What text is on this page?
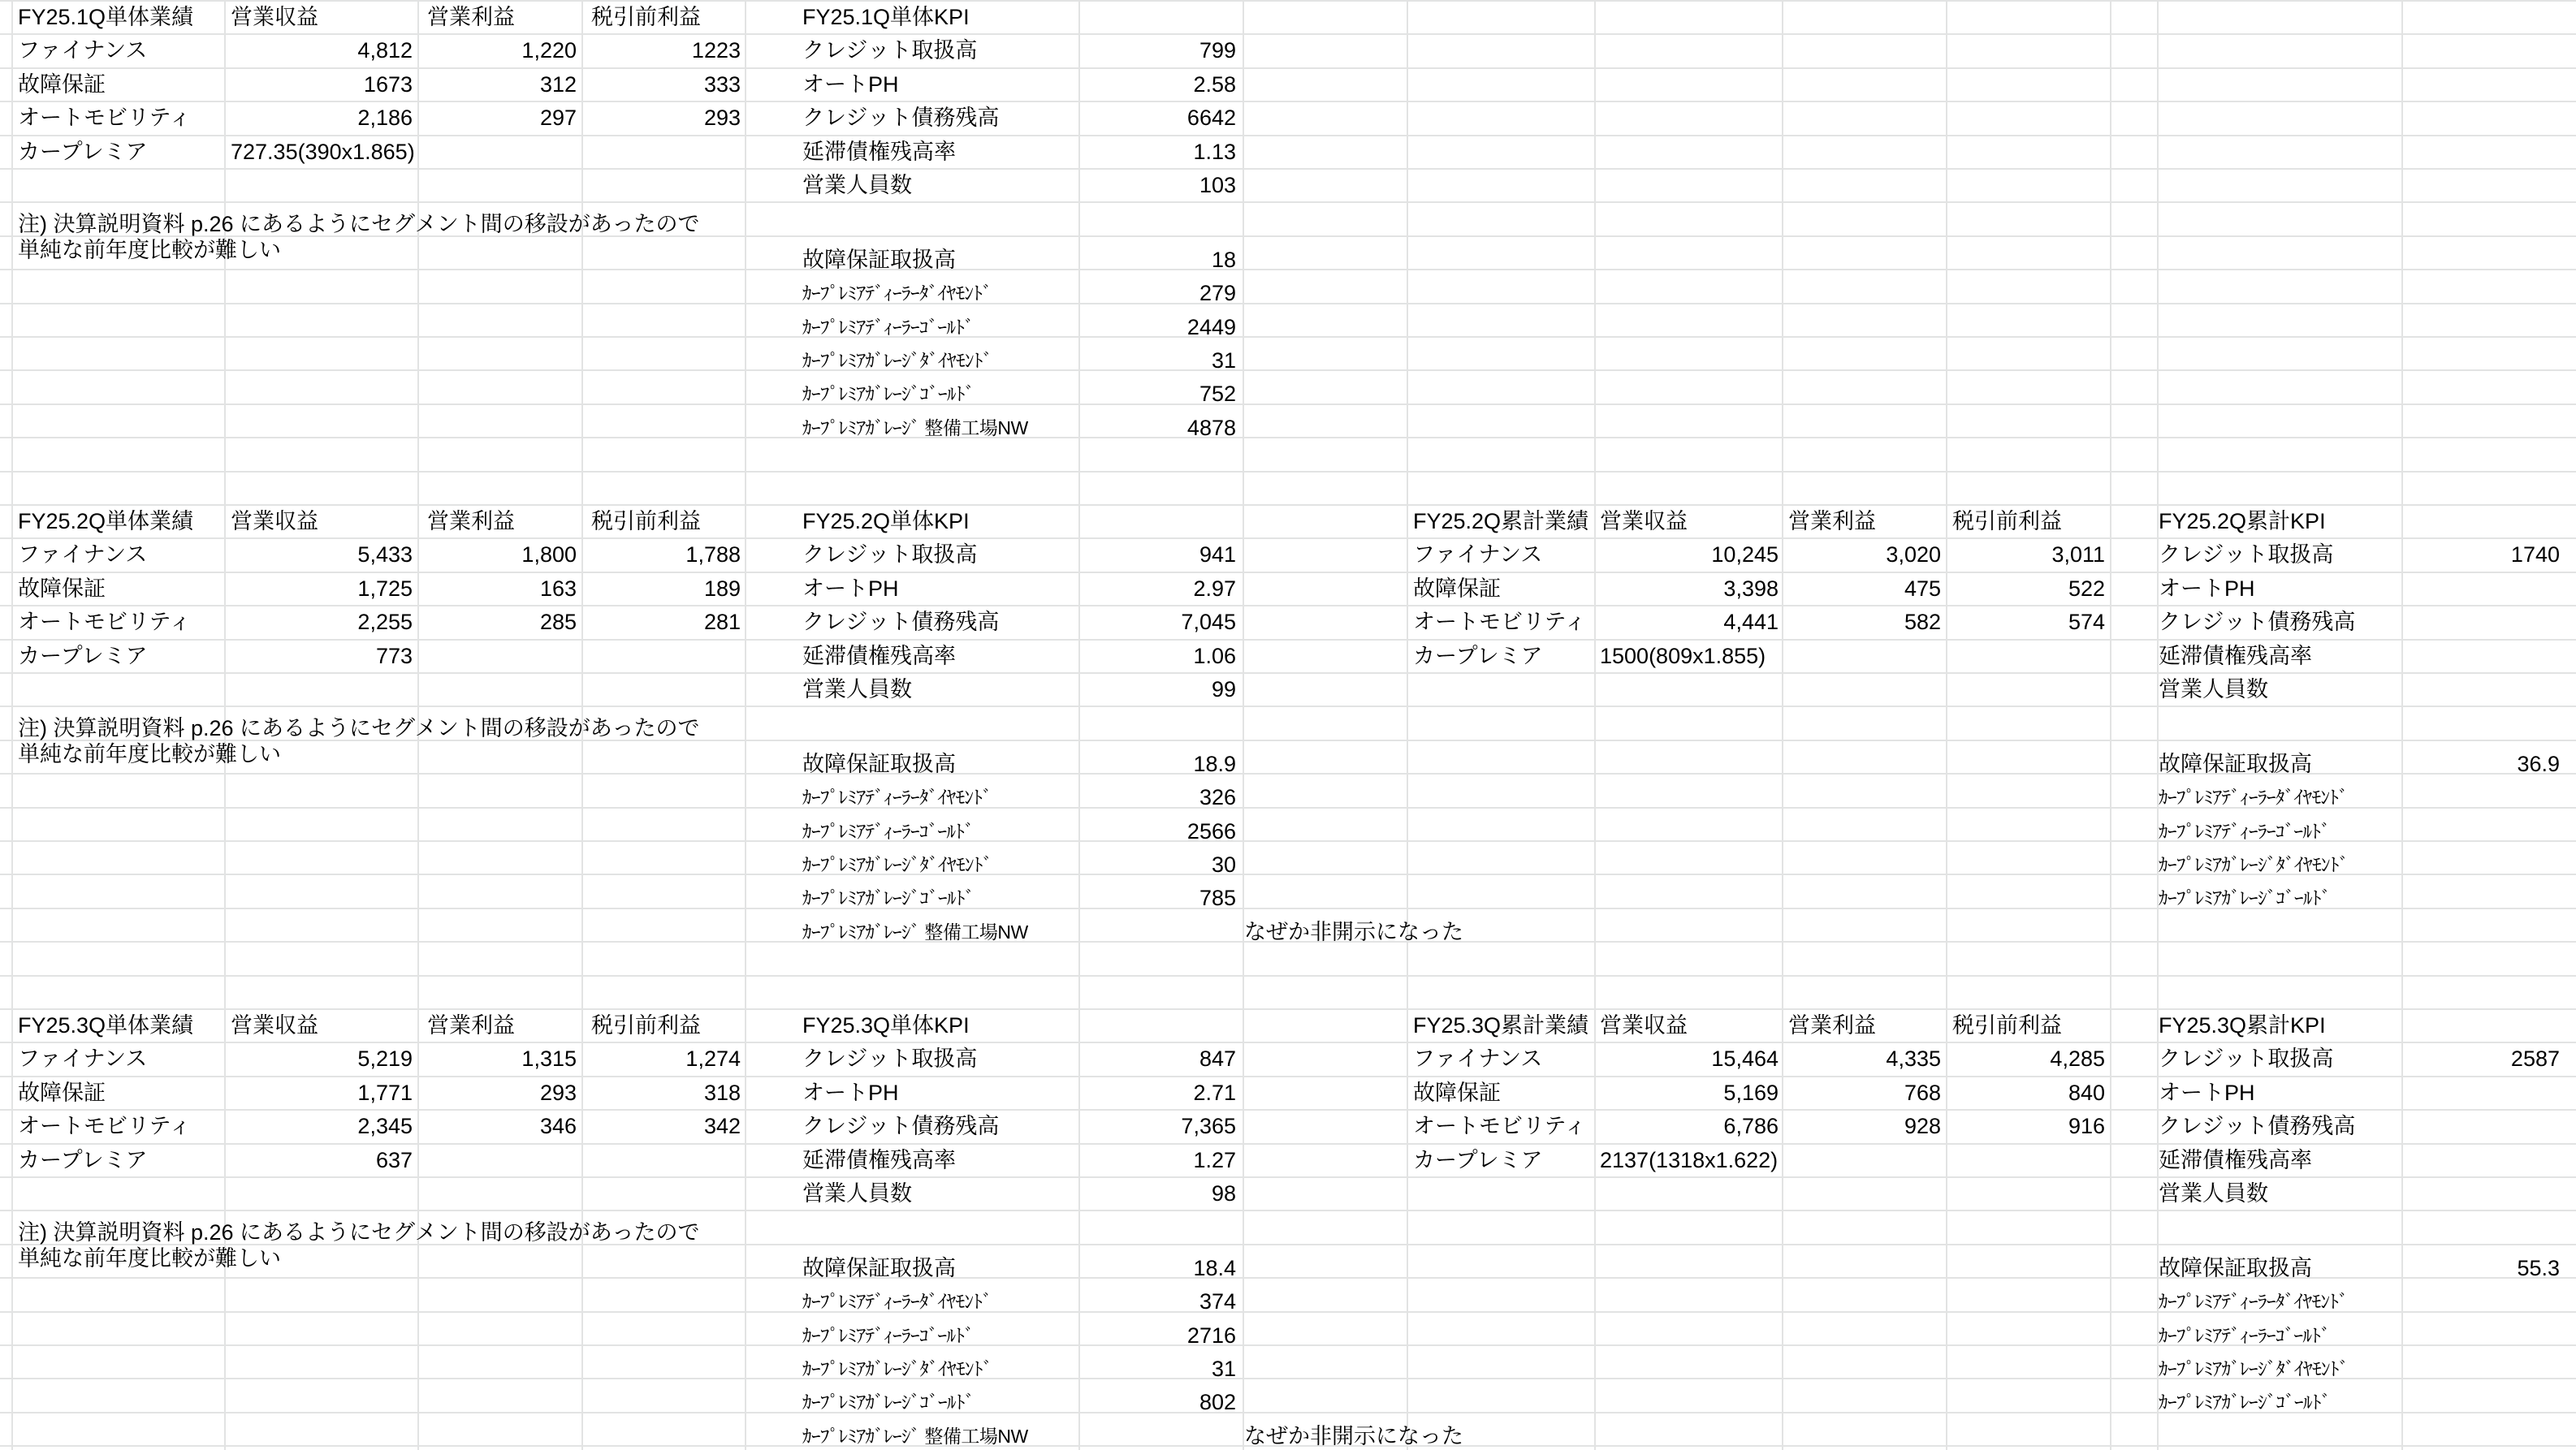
FY25.1Q単体業績 営業収益	営業利益	税引前利益
ファイナンス	4,812	1,220	1223
故障保証	1673	312	333
オートモビリティ	2,186	297	293
カープレミア	727.35(390x1.865)
注) 決算説明資料 p.26 にあるようにセグメント間の移設があったので
単純な前年度比較が難しい
FY25.1Q単体KPI
クレジット取扱高	799
オートPH	2.58
クレジット債務残高	6642
延滞債権残高率	1.13
営業人員数	103
故障保証取扱高	18
ｶｰﾌﾟﾚﾐｱﾃﾞｨｰﾗｰﾀﾞｲﾔﾓﾝﾄﾞ	279
ｶｰﾌﾟﾚﾐｱﾃﾞｨｰﾗｰｺﾞｰﾙﾄﾞ	2449
ｶｰﾌﾟﾚﾐｱｶﾞﾚｰｼﾞﾀﾞｲﾔﾓﾝﾄﾞ	31
ｶｰﾌﾟﾚﾐｱｶﾞﾚｰｼﾞｺﾞｰﾙﾄﾞ	752
ｶｰﾌﾟﾚﾐｱｶﾞﾚｰｼﾞ 整備工場NW	4878
FY25.2Q単体業績 営業収益	営業利益	税引前利益
ファイナンス	5,433	1,800	1,788
故障保証	1,725	163	189
オートモビリティ	2,255	285	281
カープレミア	773
注) 決算説明資料 p.26 にあるようにセグメント間の移設があったので
単純な前年度比較が難しい
FY25.2Q単体KPI
クレジット取扱高	941
オートPH	2.97
クレジット債務残高	7,045
延滞債権残高率	1.06
営業人員数	99
故障保証取扱高	18.9
ｶｰﾌﾟﾚﾐｱﾃﾞｨｰﾗｰﾀﾞｲﾔﾓﾝﾄﾞ	326
ｶｰﾌﾟﾚﾐｱﾃﾞｨｰﾗｰｺﾞｰﾙﾄﾞ	2566
ｶｰﾌﾟﾚﾐｱｶﾞﾚｰｼﾞﾀﾞｲﾔﾓﾝﾄﾞ	30
ｶｰﾌﾟﾚﾐｱｶﾞﾚｰｼﾞｺﾞｰﾙﾄﾞ	785
ｶｰﾌﾟﾚﾐｱｶﾞﾚｰｼﾞ 整備工場NW	なぜか非開示になった
FY25.2Q累計業績 営業収益	営業利益	税引前利益
ファイナンス	10,245	3,020	3,011
故障保証	3,398	475	522
オートモビリティ	4,441	582	574
カープレミア	1500(809x1.855)
FY25.2Q累計KPI
クレジット取扱高	1740
オートPH
クレジット債務残高
延滞債権残高率
営業人員数
故障保証取扱高	36.9
ｶｰﾌﾟﾚﾐｱﾃﾞｨｰﾗｰﾀﾞｲﾔﾓﾝﾄﾞ
ｶｰﾌﾟﾚﾐｱﾃﾞｨｰﾗｰｺﾞｰﾙﾄﾞ
ｶｰﾌﾟﾚﾐｱｶﾞﾚｰｼﾞﾀﾞｲﾔﾓﾝﾄﾞ
ｶｰﾌﾟﾚﾐｱｶﾞﾚｰｼﾞｺﾞｰﾙﾄﾞ
FY25.3Q単体業績 営業収益	営業利益	税引前利益
ファイナンス	5,219	1,315	1,274
故障保証	1,771	293	318
オートモビリティ	2,345	346	342
カープレミア	637
注) 決算説明資料 p.26 にあるようにセグメント間の移設があったので
単純な前年度比較が難しい
FY25.3Q単体KPI
クレジット取扱高	847
オートPH	2.71
クレジット債務残高	7,365
延滞債権残高率	1.27
営業人員数	98
故障保証取扱高	18.4
ｶｰﾌﾟﾚﾐｱﾃﾞｨｰﾗｰﾀﾞｲﾔﾓﾝﾄﾞ	374
ｶｰﾌﾟﾚﾐｱﾃﾞｨｰﾗｰｺﾞｰﾙﾄﾞ	2716
ｶｰﾌﾟﾚﾐｱｶﾞﾚｰｼﾞﾀﾞｲﾔﾓﾝﾄﾞ	31
ｶｰﾌﾟﾚﾐｱｶﾞﾚｰｼﾞｺﾞｰﾙﾄﾞ	802
ｶｰﾌﾟﾚﾐｱｶﾞﾚｰｼﾞ 整備工場NW	なぜか非開示になった
FY25.3Q累計業績 営業収益	営業利益	税引前利益
ファイナンス	15,464	4,335	4,285
故障保証	5,169	768	840
オートモビリティ	6,786	928	916
カープレミア	2137(1318x1.622)
FY25.3Q累計KPI
クレジット取扱高	2587
オートPH
クレジット債務残高
延滞債権残高率
営業人員数
故障保証取扱高	55.3
ｶｰﾌﾟﾚﾐｱﾃﾞｨｰﾗｰﾀﾞｲﾔﾓﾝﾄﾞ
ｶｰﾌﾟﾚﾐｱﾃﾞｨｰﾗｰｺﾞｰﾙﾄﾞ
ｶｰﾌﾟﾚﾐｱｶﾞﾚｰｼﾞﾀﾞｲﾔﾓﾝﾄﾞ
ｶｰﾌﾟﾚﾐｱｶﾞﾚｰｼﾞｺﾞｰﾙﾄﾞ
